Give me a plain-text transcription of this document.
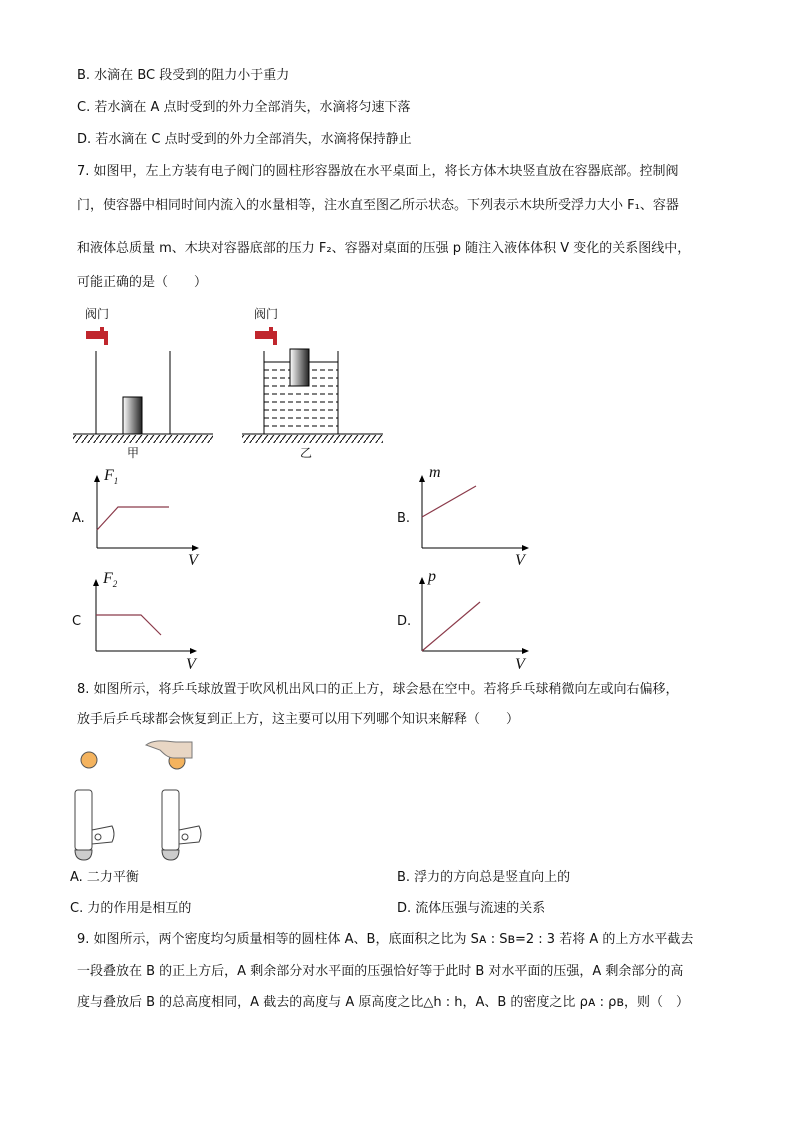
B. 水滴在 BC 段受到的阻力小于重力
C. 若水滴在 A 点时受到的外力全部消失，水滴将匀速下落
D. 若水滴在 C 点时受到的外力全部消失，水滴将保持静止
7. 如图甲，左上方装有电子阀门的圆柱形容器放在水平桌面上，将长方体木块竖直放在容器底部。控制阀
门，使容器中相同时间内流入的水量相等，注水直至图乙所示状态。下列表示木块所受浮力大小 F₁、容器
和液体总质量 m、木块对容器底部的压力 F₂、容器对桌面的压强 p 随注入液体体积 V 变化的关系图线中，
可能正确的是（　　）
阀门	阀门
甲	乙
A.
$F_1$
V
B.
m
V
C
$F_2$
V
D.
p
V
8. 如图所示，将乒乓球放置于吹风机出风口的正上方，球会悬在空中。若将乒乓球稍微向左或向右偏移，
放手后乒乓球都会恢复到正上方，这主要可以用下列哪个知识来解释（　　）
A. 二力平衡	B. 浮力的方向总是竖直向上的
C. 力的作用是相互的	D. 流体压强与流速的关系
9. 如图所示，两个密度均匀质量相等的圆柱体 A、B，底面积之比为 Sᴀ : Sʙ=2 : 3 若将 A 的上方水平截去
一段叠放在 B 的正上方后，A 剩余部分对水平面的压强恰好等于此时 B 对水平面的压强，A 剩余部分的高
度与叠放后 B 的总高度相同，A 截去的高度与 A 原高度之比△h : h，A、B 的密度之比 ρᴀ : ρʙ，则（　）
